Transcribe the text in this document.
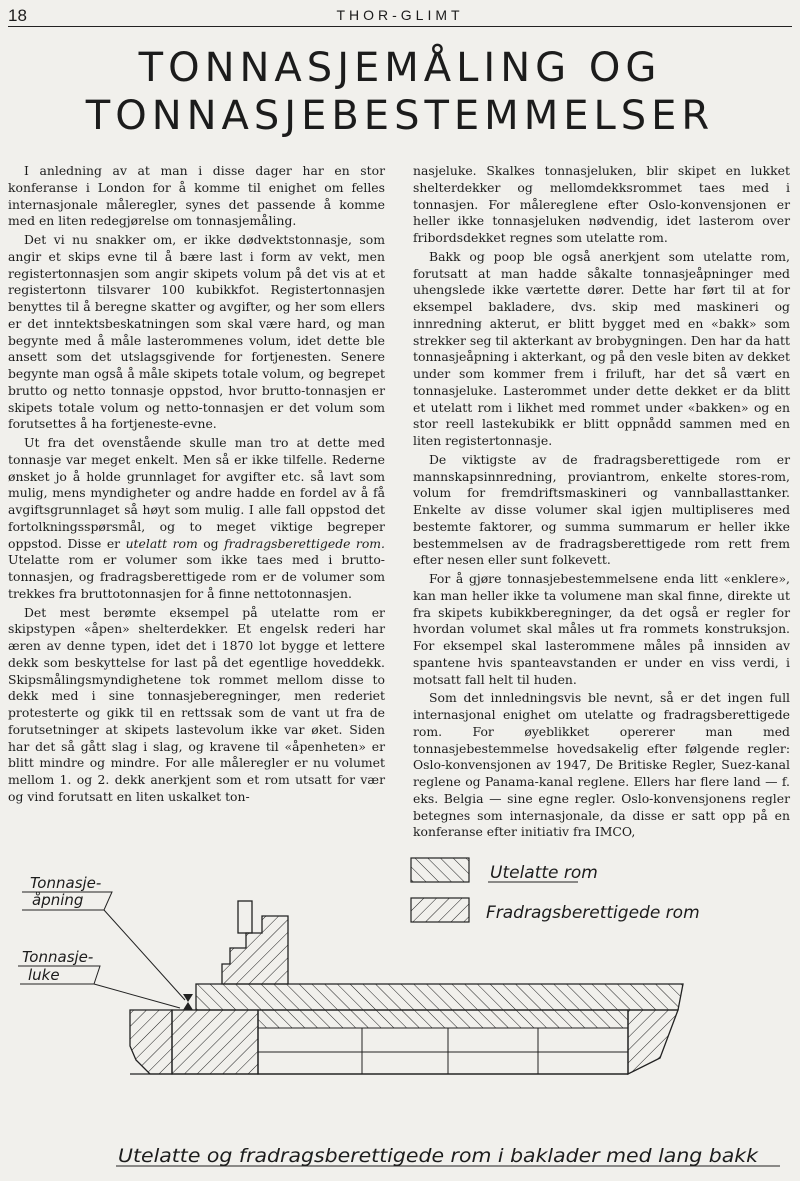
18	THOR-GLIMT
TONNASJEMÅLING OG
TONNASJEBESTEMMELSER

I anledning av at man i disse dager har en stor konferanse i London for å komme til enighet om felles internasjonale måleregler, synes det passende å komme med en liten redegjørelse om tonnasjemåling.

Det vi nu snakker om, er ikke dødvektstonnasje, som angir et skips evne til å bære last i form av vekt, men registertonnasjen som angir skipets volum på det vis at et registertonn tilsvarer 100 kubikkfot. Registertonnasjen benyttes til å beregne skatter og avgifter, og her som ellers er det inntektsbeskatningen som skal være hard, og man begynte med å måle lasterommenes volum, idet dette ble ansett som det utslagsgivende for fortjenesten. Senere begynte man også å måle skipets totale volum, og begrepet brutto og netto tonnasje oppstod, hvor brutto-tonnasjen er skipets totale volum og netto-tonnasjen er det volum som forutsettes å ha fortjeneste-evne.

Ut fra det ovenstående skulle man tro at dette med tonnasje var meget enkelt. Men så er ikke tilfelle. Rederne ønsket jo å holde grunnlaget for avgifter etc. så lavt som mulig, mens myndigheter og andre hadde en fordel av å få avgiftsgrunnlaget så høyt som mulig. I alle fall oppstod det fortolkningsspørsmål, og to meget viktige begreper oppstod. Disse er utelatt rom og fradragsberettigede rom. Utelatte rom er volumer som ikke taes med i brutto-tonnasjen, og fradragsberettigede rom er de volumer som trekkes fra bruttotonnasjen for å finne nettotonnasjen.

Det mest berømte eksempel på utelatte rom er skipstypen «åpen» shelterdekker. Et engelsk rederi har æren av denne typen, idet det i 1870 lot bygge et lettere dekk som beskyttelse for last på det egentlige hoveddekk. Skipsmålingsmyndighetene tok rommet mellom disse to dekk med i sine tonnasjeberegninger, men rederiet protesterte og gikk til en rettssak som de vant ut fra de forutsetninger at skipets lastevolum ikke var øket. Siden har det så gått slag i slag, og kravene til «åpenheten» er blitt mindre og mindre. For alle måleregler er nu volumet mellom 1. og 2. dekk anerkjent som et rom utsatt for vær og vind forutsatt en liten uskalket ton-

nasjeluke. Skalkes tonnasjeluken, blir skipet en lukket shelterdekker og mellomdekksrommet taes med i tonnasjen. For målereglene efter Oslo-konvensjonen er heller ikke tonnasjeluken nødvendig, idet lasterom over fribordsdekket regnes som utelatte rom.

Bakk og poop ble også anerkjent som utelatte rom, forutsatt at man hadde såkalte tonnasjeåpninger med uhengslede ikke værtette dører. Dette har ført til at for eksempel bakladere, dvs. skip med maskineri og innredning akterut, er blitt bygget med en «bakk» som strekker seg til akterkant av brobygningen. Den har da hatt tonnasjeåpning i akterkant, og på den vesle biten av dekket under som kommer frem i friluft, har det så vært en tonnasjeluke. Lasterommet under dette dekket er da blitt et utelatt rom i likhet med rommet under «bakken» og en stor reell lastekubikk er blitt oppnådd sammen med en liten registertonnasje.

De viktigste av de fradragsberettigede rom er mannskapsinnredning, proviantrom, enkelte stores-rom, volum for fremdriftsmaskineri og vannballasttanker. Enkelte av disse volumer skal igjen multipliseres med bestemte faktorer, og summa summarum er heller ikke bestemmelsen av de fradragsberettigede rom rett frem efter nesen eller sunt folkevett.

For å gjøre tonnasjebestemmelsene enda litt «enklere», kan man heller ikke ta volumene man skal finne, direkte ut fra skipets kubikkberegninger, da det også er regler for hvordan volumet skal måles ut fra rommets konstruksjon. For eksempel skal lasterommene måles på innsiden av spantene hvis spanteavstanden er under en viss verdi, i motsatt fall helt til huden.

Som det innledningsvis ble nevnt, så er det ingen full internasjonal enighet om utelatte og fradragsberettigede rom. For øyeblikket opererer man med tonnasjebestemmelse hovedsakelig efter følgende regler: Oslo-konvensjonen av 1947, De Britiske Regler, Suez-kanal reglene og Panama-kanal reglene. Ellers har flere land — f. eks. Belgia — sine egne regler. Oslo-konvensjonens regler betegnes som internasjonale, da disse er satt opp på en konferanse efter initiativ fra IMCO,

Utelatte rom
Fradragsberettigede rom
Tonnasje-
åpning
Tonnasje-
luke
Utelatte og fradragsberettigede rom i baklader med lang bakk
